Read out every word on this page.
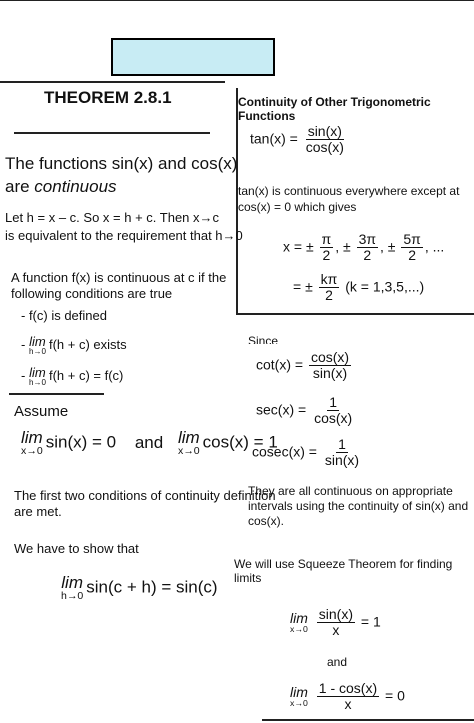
THEOREM 2.8.1
The functions sin(x) and cos(x)
are continuous
Let h = x – c. So x = h + c. Then x→c
is equivalent to the requirement that h→0
A function f(x) is continuous at c if the
following conditions are true
- f(c) is defined
- lim
h→0 f(h + c) exists
- lim
h→0 f(h + c) = f(c)
Assume
lim
x→0 sin(x) = 0 and lim
x→0 cos(x) = 1
The first two conditions of continuity definition
are met.
We have to show that
lim
h→0 sin(c + h) = sin(c)
Continuity of Other Trigonometric Functions
$\tan(x) = \frac{\sin(x)}{\cos(x)}$
tan(x) is continuous everywhere except at
cos(x) = 0 which gives
x = ± $\frac{\pi}{2}$ , ± $\frac{3\pi}{2}$ , ± $\frac{5\pi}{2}$ , ...
= ± $\frac{k\pi}{2} (k = 1,3,5,...)$
Since
$\cot(x) = \frac{\cos(x)}{\sin(x)}$
$\sec(x) = \frac{1}{\cos(x)}$
$cosec(x) = \frac{1}{\sin(x)}$
They are all continuous on appropriate
intervals using the continuity of sin(x) and
cos(x).
We will use Squeeze Theorem for finding limits
lim
x→0
$\frac{\sin(x)}{x} = 1$
and
lim
x→0
$\frac{1 - \cos(x)}{x} = 0$
